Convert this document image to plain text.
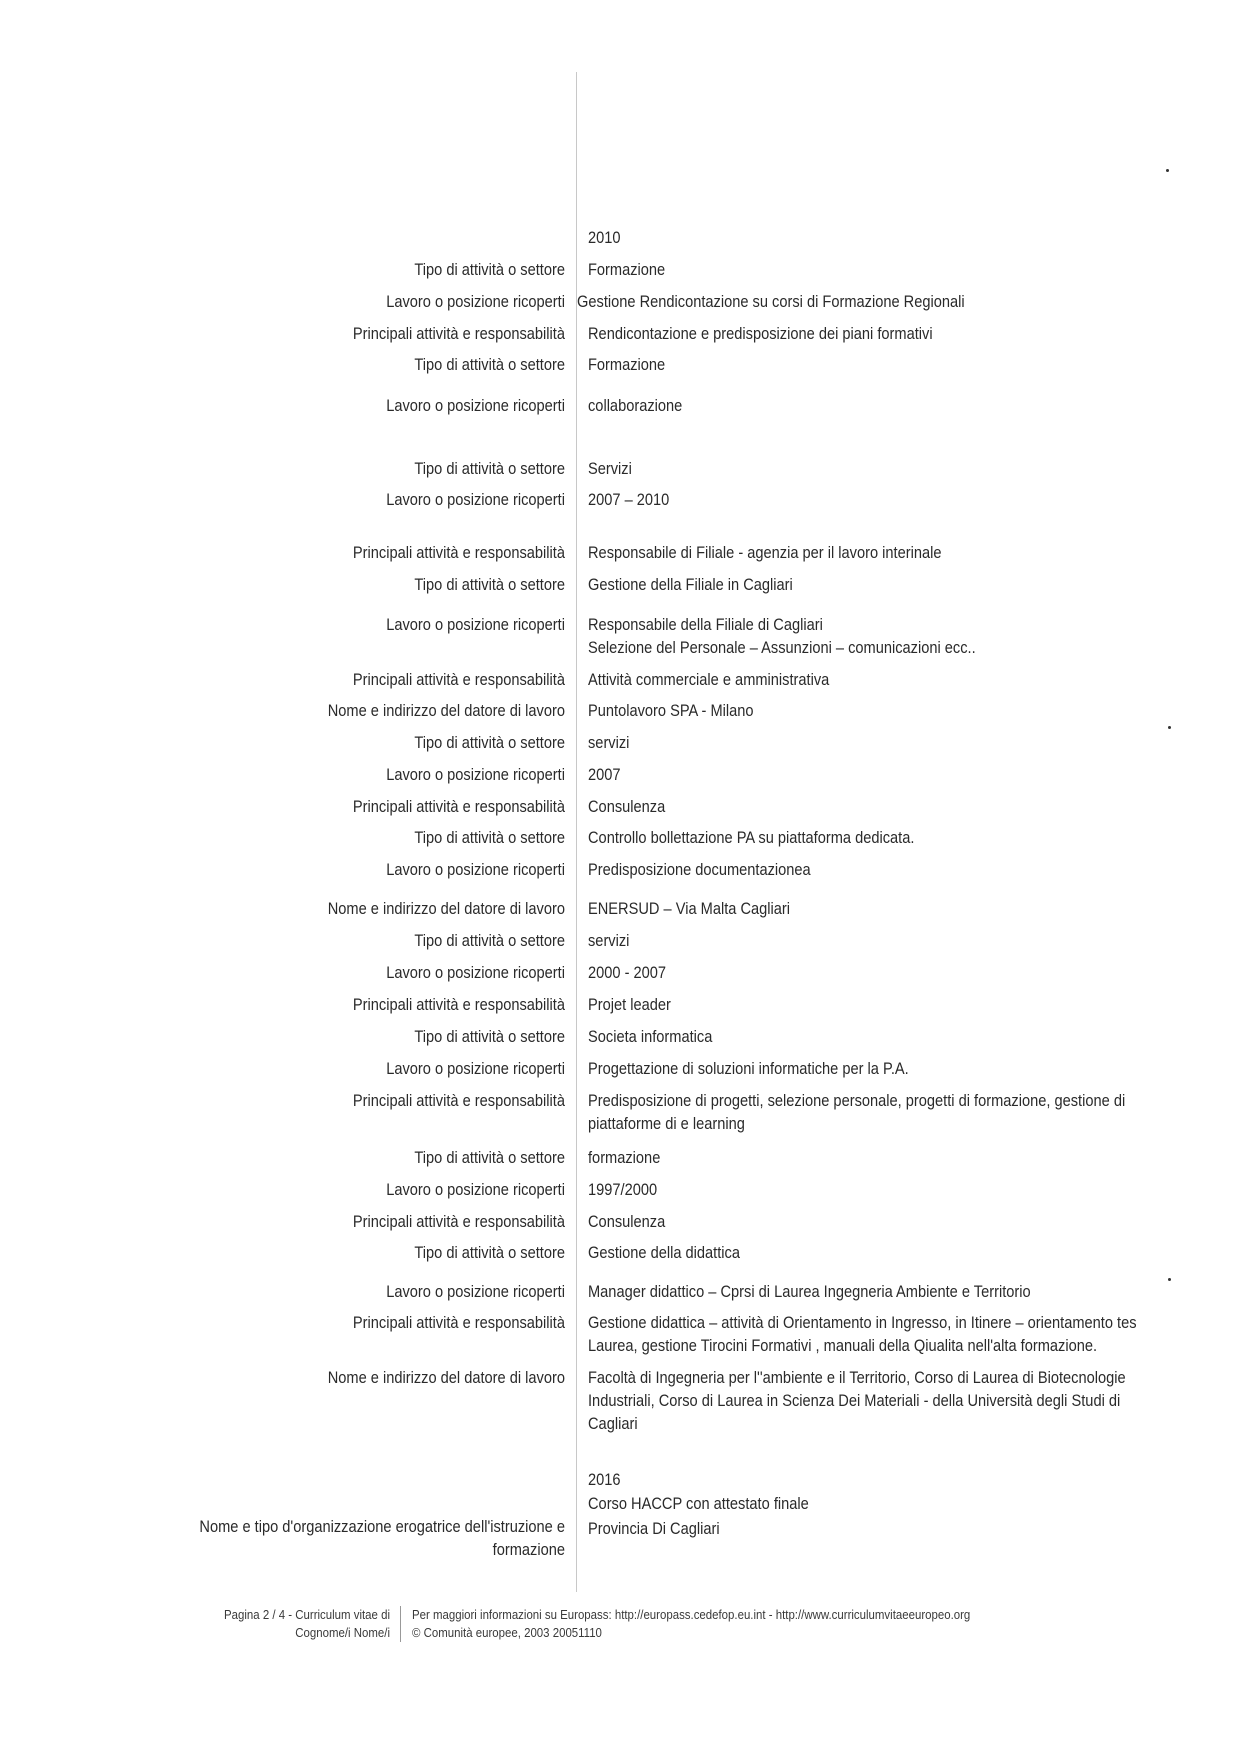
2010
Tipo di attività o settore Formazione
Lavoro o posizione ricoperti Gestione Rendicontazione su corsi di Formazione Regionali
Principali attività e responsabilità Rendicontazione e predisposizione dei piani formativi
Tipo di attività o settore Formazione
Lavoro o posizione ricoperti collaborazione
Tipo di attività o settore Servizi
Lavoro o posizione ricoperti 2007 – 2010
Principali attività e responsabilità Responsabile di Filiale - agenzia per il lavoro interinale
Tipo di attività o settore Gestione della Filiale in Cagliari
Lavoro o posizione ricoperti Responsabile della Filiale di Cagliari
Selezione del Personale – Assunzioni – comunicazioni ecc..
Principali attività e responsabilità Attività commerciale e amministrativa
Nome e indirizzo del datore di lavoro Puntolavoro SPA - Milano
Tipo di attività o settore servizi
Lavoro o posizione ricoperti 2007
Principali attività e responsabilità Consulenza
Tipo di attività o settore Controllo bollettazione PA su piattaforma dedicata.
Lavoro o posizione ricoperti Predisposizione documentazionea
Nome e indirizzo del datore di lavoro ENERSUD – Via Malta Cagliari
Tipo di attività o settore servizi
Lavoro o posizione ricoperti 2000 - 2007
Principali attività e responsabilità Projet leader
Tipo di attività o settore Societa informatica
Lavoro o posizione ricoperti Progettazione di soluzioni informatiche per la P.A.
Principali attività e responsabilità Predisposizione di progetti, selezione personale, progetti di formazione, gestione di
piattaforme di e learning
Tipo di attività o settore formazione
Lavoro o posizione ricoperti 1997/2000
Principali attività e responsabilità Consulenza
Tipo di attività o settore Gestione della didattica
Lavoro o posizione ricoperti Manager didattico – Cprsi di Laurea Ingegneria Ambiente e Territorio
Principali attività e responsabilità Gestione didattica – attività di Orientamento in Ingresso, in Itinere – orientamento tes
Laurea, gestione Tirocini Formativi , manuali della Qiualita nell'alta formazione.
Nome e indirizzo del datore di lavoro Facoltà di Ingegneria per l''ambiente e il Territorio, Corso di Laurea di Biotecnologie
Industriali, Corso di Laurea in Scienza Dei Materiali - della Università degli Studi di
Cagliari
2016
Corso HACCP con attestato finale
Nome e tipo d'organizzazione erogatrice dell'istruzione e
formazione
Provincia Di Cagliari
Pagina 2 / 4 - Curriculum vitae di
Cognome/i Nome/i
Per maggiori informazioni su Europass: http://europass.cedefop.eu.int - http://www.curriculumvitaeeuropeo.org
© Comunità europee, 2003 20051110
